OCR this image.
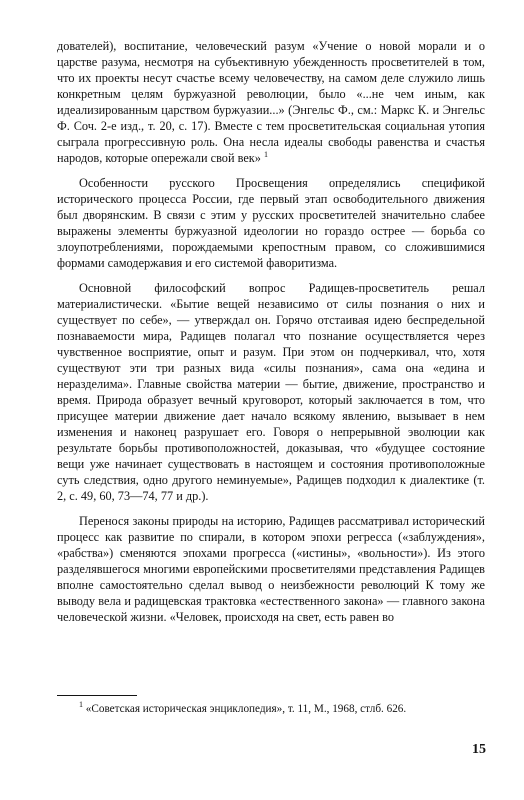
дователей), воспитание, человеческий разум «Учение о новой морали и о царстве разума, несмотря на субъективную убежденность просветителей в том, что их проекты несут счастье всему человечеству, на самом деле служило лишь конкретным целям буржуазной революции, было «...не чем иным, как идеализированным царством буржуазии...» (Энгельс Ф., см.: Маркс К. и Энгельс Ф. Соч. 2-е изд., т. 20, с. 17). Вместе с тем просветительская социальная утопия сыграла прогрессивную роль. Она несла идеалы свободы равенства и счастья народов, которые опережали свой век» $^1$

Особенности русского Просвещения определялись спецификой исторического процесса России, где первый этап освободительного движения был дворянским. В связи с этим у русских просветителей значительно слабее выражены элементы буржуазной идеологии но гораздо острее — борьба со злоупотреблениями, порождаемыми крепостным правом, со сложившимися формами самодержавия и его системой фаворитизма.

Основной философский вопрос Радищев-просветитель решал материалистически. «Бытие вещей независимо от силы познания о них и существует по себе», — утверждал он. Горячо отстаивая идею беспредельной познаваемости мира, Радищев полагал что познание осуществляется через чувственное восприятие, опыт и разум. При этом он подчеркивал, что, хотя существуют эти три разных вида «силы познания», сама она «едина и неразделима». Главные свойства материи — бытие, движение, пространство и время. Природа образует вечный круговорот, который заключается в том, что присущее материи движение дает начало всякому явлению, вызывает в нем изменения и наконец разрушает его. Говоря о непрерывной эволюции как результате борьбы противоположностей, доказывая, что «будущее состояние вещи уже начинает существовать в настоящем и состояния противоположные суть следствия, одно другого неминуемые», Радищев подходил к диалектике (т. 2, с. 49, 60, 73—74, 77 и др.).

Перенося законы природы на историю, Радищев рассматривал исторический процесс как развитие по спирали, в котором эпохи регресса («заблуждения», «рабства») сменяются эпохами прогресса («истины», «вольности»). Из этого разделявшегося многими европейскими просветителями представления Радищев вполне самостоятельно сделал вывод о неизбежности революций К тому же выводу вела и радищевская трактовка «естественного закона» — главного закона человеческой жизни. «Человек, происходя на свет, есть равен во

$^1$ «Советская историческая энциклопедия», т. 11, М., 1968, стлб. 626.
15
